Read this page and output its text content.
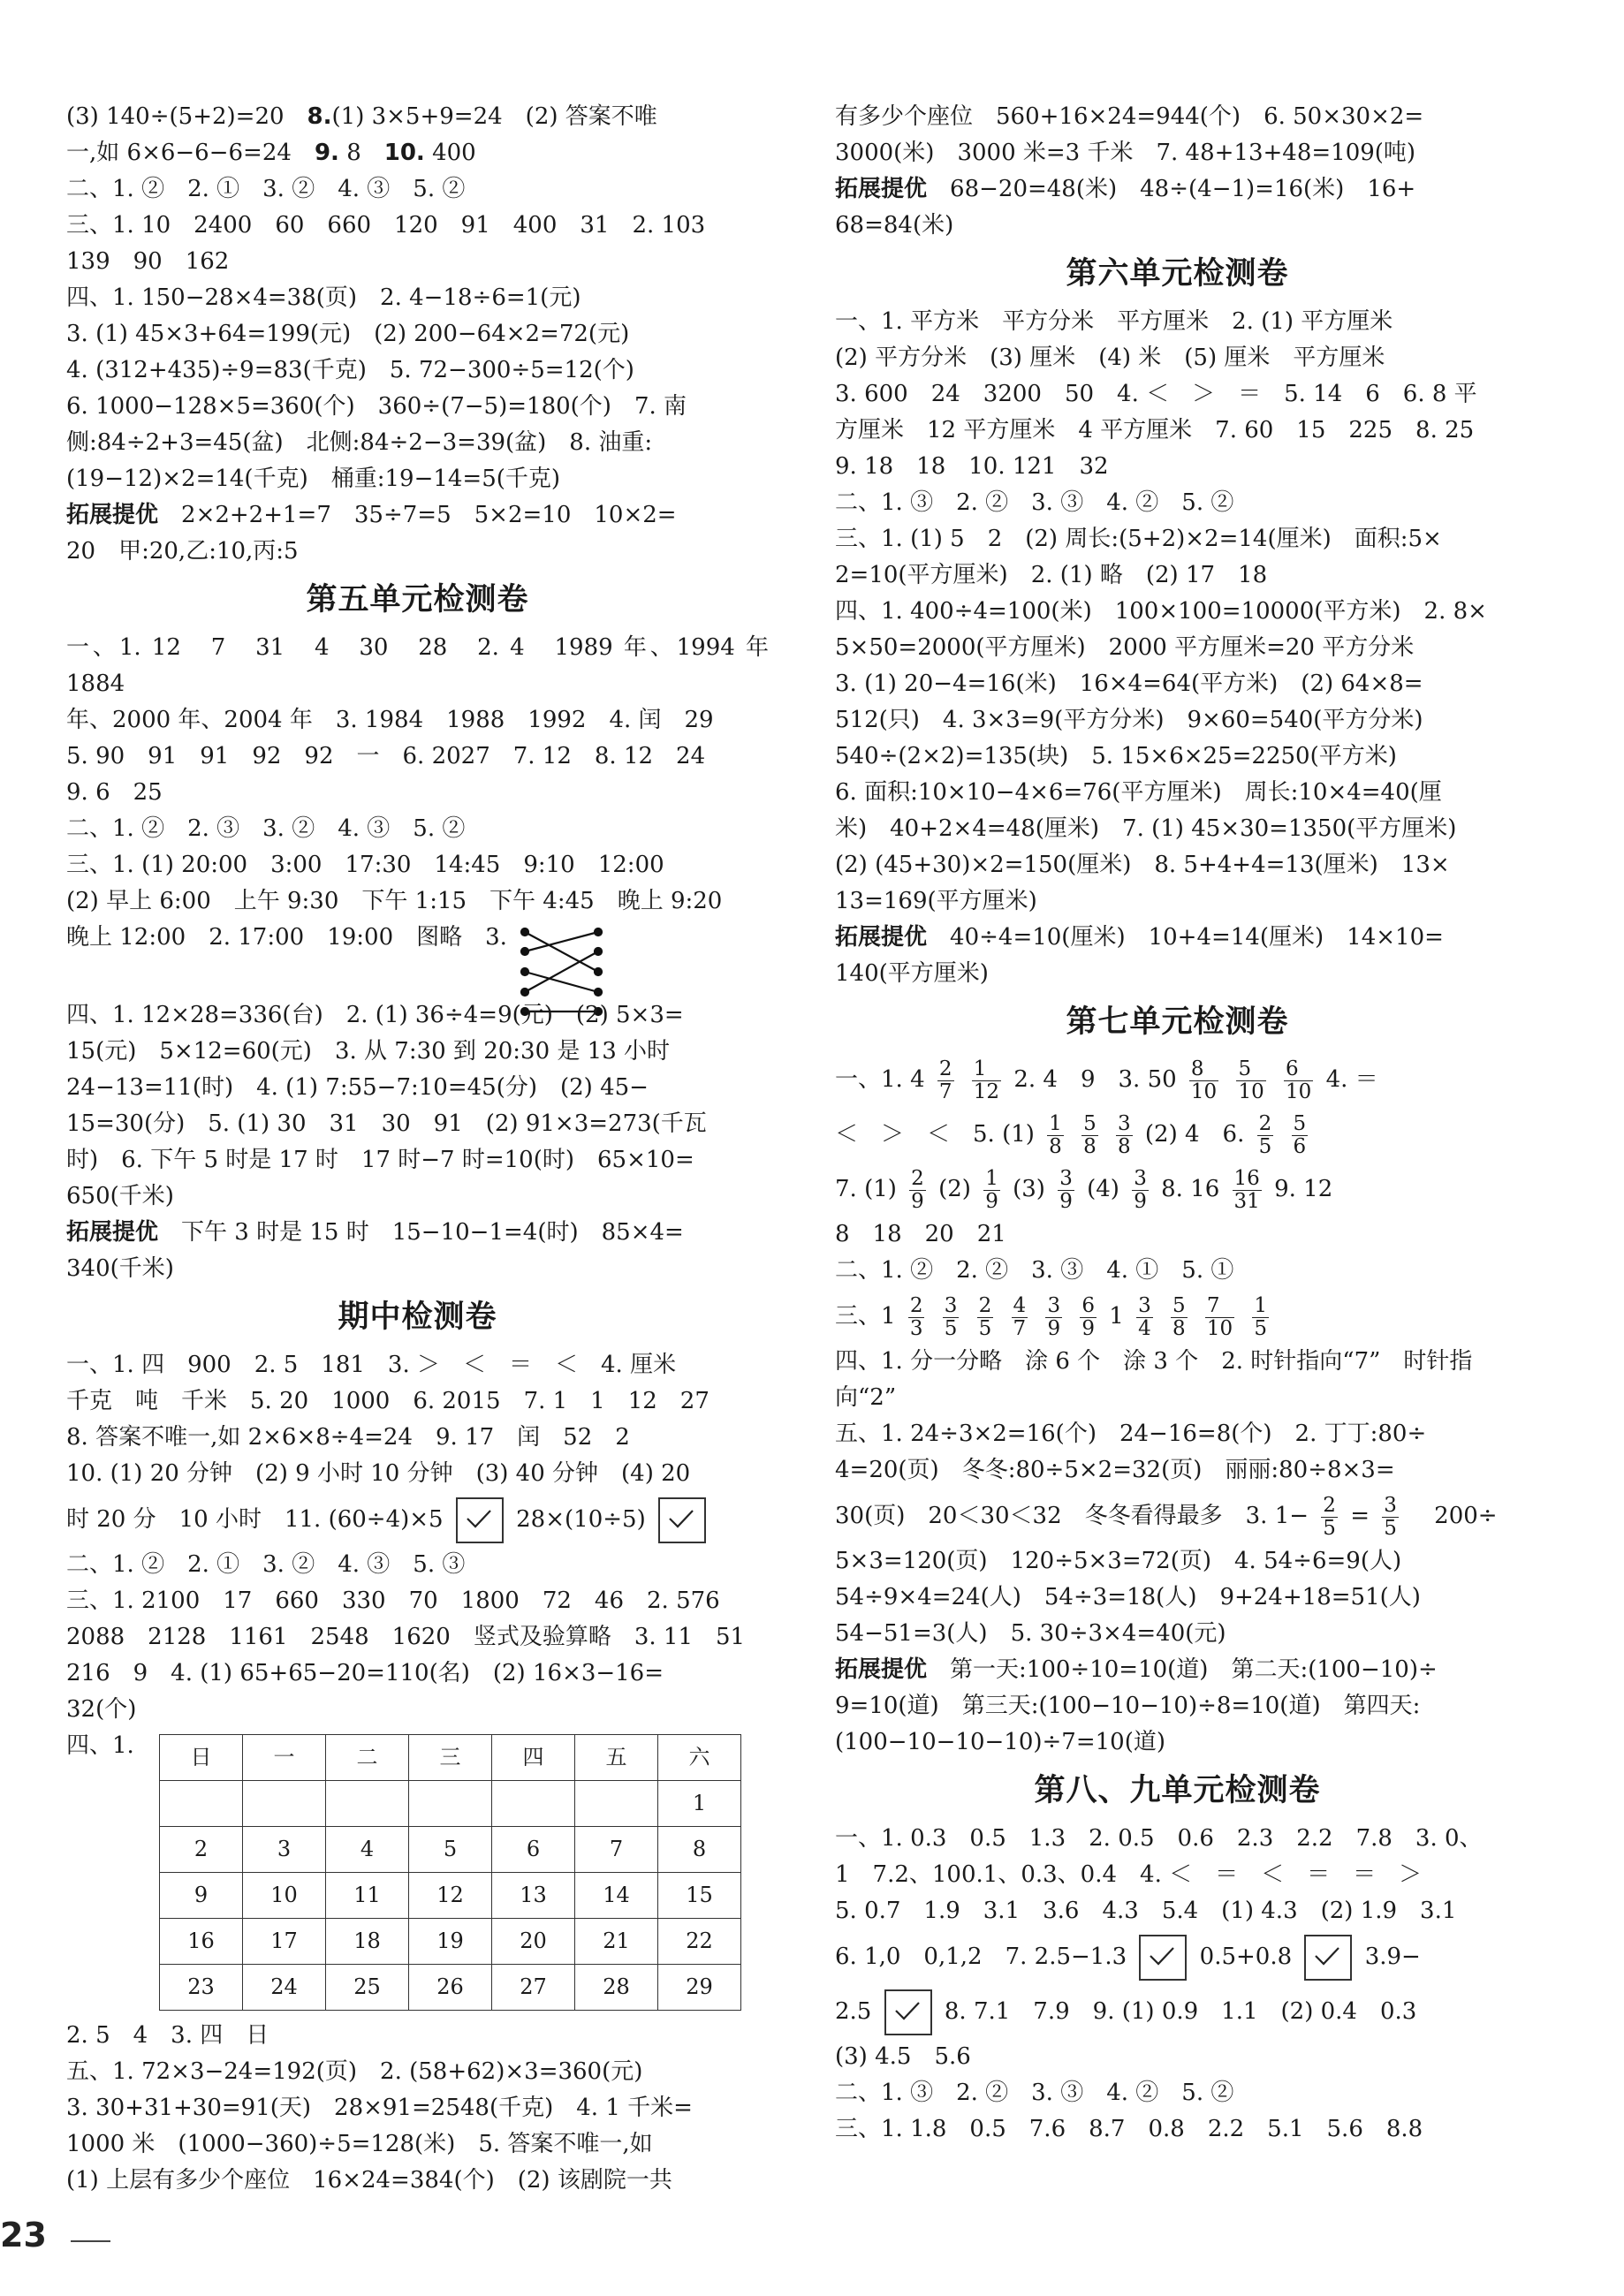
(3) 140÷(5+2)=20　 8.(1) 3×5+9=24　(2) 答案不唯

一,如 6×6−6−6=24　 9. 8　 10. 400

二、1. ②　2. ①　3. ②　4. ③　5. ②

三、1. 10　2400　60　660　120　91　400　31　2. 103

139　90　162

四、1. 150−28×4=38(页)　2. 4−18÷6=1(元)

3. (1) 45×3+64=199(元)　(2) 200−64×2=72(元)

4. (312+435)÷9=83(千克)　5. 72−300÷5=12(个)

6. 1000−128×5=360(个)　360÷(7−5)=180(个)　7. 南

侧:84÷2+3=45(盆)　北侧:84÷2−3=39(盆)　8. 油重:

(19−12)×2=14(千克)　桶重:19−14=5(千克)

拓展提优　 2×2+2+1=7　35÷7=5　5×2=10　10×2=

20　甲:20,乙:10,丙:5

第五单元检测卷

一、1. 12　7　31　4　30　28　2. 4　1989 年、1994 年　1884

年、2000 年、2004 年　3. 1984　1988　1992　4. 闰　29

5. 90　91　91　92　92　一　6. 2027　7. 12　8. 12　24

9. 6　25

二、1. ②　2. ③　3. ②　4. ③　5. ②

三、1. (1) 20:00　3:00　17:30　14:45　9:10　12:00

(2) 早上 6:00　上午 9:30　下午 1:15　下午 4:45　晚上 9:20

晚上 12:00　2. 17:00　19:00　图略　3.

四、1. 12×28=336(台)　2. (1) 36÷4=9(元)　(2) 5×3=

15(元)　5×12=60(元)　3. 从 7:30 到 20:30 是 13 小时

24−13=11(时)　4. (1) 7:55−7:10=45(分)　(2) 45−

15=30(分)　5. (1) 30　31　30　91　(2) 91×3=273(千瓦

时)　6. 下午 5 时是 17 时　17 时−7 时=10(时)　65×10=

650(千米)

拓展提优　 下午 3 时是 15 时　15−10−1=4(时)　85×4=

340(千米)

期中检测卷

一、1. 四　900　2. 5　181　3. ＞　＜　＝　＜　4. 厘米

千克　吨　千米　5. 20　1000　6. 2015　7. 1　1　12　27

8. 答案不唯一,如 2×6×8÷4=24　9. 17　闰　52　2

10. (1) 20 分钟　(2) 9 小时 10 分钟　(3) 40 分钟　(4) 20

时 20 分　10 小时　11. (60÷4)×5	28×(10÷5)

二、1. ②　2. ①　3. ②　4. ③　5. ③

三、1. 2100　17　660　330　70　1800　72　46　2. 576

2088　2128　1161　2548　1620　竖式及验算略　3. 11　51

216　9　4. (1) 65+65−20=110(名)　(2) 16×3−16=

32(个)

四、1.	日	一	二	三	四	五	六
						1
2	3	4	5	6	7	8
9	10	11	12	13	14	15
16	17	18	19	20	21	22
23	24	25	26	27	28	29

2. 5　4　3. 四　日

五、1. 72×3−24=192(页)　2. (58+62)×3=360(元)

3. 30+31+30=91(天)　28×91=2548(千克)　4. 1 千米=

1000 米　(1000−360)÷5=128(米)　5. 答案不唯一,如

(1) 上层有多少个座位　16×24=384(个)　(2) 该剧院一共

有多少个座位　560+16×24=944(个)　6. 50×30×2=

3000(米)　3000 米=3 千米　7. 48+13+48=109(吨)

拓展提优　 68−20=48(米)　48÷(4−1)=16(米)　16+

68=84(米)

第六单元检测卷

一、1. 平方米　平方分米　平方厘米　2. (1) 平方厘米

(2) 平方分米　(3) 厘米　(4) 米　(5) 厘米　平方厘米

3. 600　24　3200　50　4. ＜　＞　＝　5. 14　6　6. 8 平

方厘米　12 平方厘米　4 平方厘米　7. 60　15　225　8. 25

9. 18　18　10. 121　32

二、1. ③　2. ②　3. ③　4. ②　5. ②

三、1. (1) 5　2　(2) 周长:(5+2)×2=14(厘米)　面积:5×

2=10(平方厘米)　2. (1) 略　(2) 17　18

四、1. 400÷4=100(米)　100×100=10000(平方米)　2. 8×

5×50=2000(平方厘米)　2000 平方厘米=20 平方分米

3. (1) 20−4=16(米)　16×4=64(平方米)　(2) 64×8=

512(只)　4. 3×3=9(平方分米)　9×60=540(平方分米)

540÷(2×2)=135(块)　5. 15×6×25=2250(平方米)

6. 面积:10×10−4×6=76(平方厘米)　周长:10×4=40(厘

米)　40+2×4=48(厘米)　7. (1) 45×30=1350(平方厘米)

(2) (45+30)×2=150(厘米)　8. 5+4+4=13(厘米)　13×

13=169(平方厘米)

拓展提优　 40÷4=10(厘米)　10+4=14(厘米)　14×10=

140(平方厘米)

第七单元检测卷

一、1. $4 \frac{2}{7}$
$\frac{1}{12} 2$. 4　9　3. $50 \frac{8}{10}$
$\frac{5}{10}$
$\frac{6}{10} 4$. ＝

＜　＞　＜　5. $(1) \frac{1}{8}$
$\frac{5}{8}$
$\frac{3}{8} (2)$ 4　6. $\frac{2}{5}$
$\frac{5}{6}$

7. $(1) \frac{2}{9} (2) \frac{1}{9} (3) \frac{3}{9} (4) \frac{3}{9} 8$. $16 \frac{16}{31} 9$. 12

8　18　20　21

二、1. ②　2. ②　3. ③　4. ①　5. ①

三、$1 \frac{2}{3}$
$\frac{3}{5}$
$\frac{2}{5}$
$\frac{4}{7}$
$\frac{3}{9}$
$\frac{6}{9} 1 \frac{3}{4}$
$\frac{5}{8}$
$\frac{7}{10}$
$\frac{1}{5}$

四、1. 分一分略　涂 6 个　涂 3 个　2. 时针指向“7”　时针指

向“2”

五、1. 24÷3×2=16(个)　24−16=8(个)　2. 丁丁:80÷

4=20(页)　冬冬:80÷5×2=32(页)　丽丽:80÷8×3=

30(页)　20＜30＜32　冬冬看得最多　3. $1- \frac{2}{5} = \frac{3}{5}$
　 200÷

5×3=120(页)　120÷5×3=72(页)　4. 54÷6=9(人)

54÷9×4=24(人)　54÷3=18(人)　9+24+18=51(人)

54−51=3(人)　5. 30÷3×4=40(元)

拓展提优　 第一天:100÷10=10(道)　第二天:(100−10)÷

9=10(道)　第三天:(100−10−10)÷8=10(道)　第四天:

(100−10−10−10)÷7=10(道)

第八、九单元检测卷

一、1. 0.3　0.5　1.3　2. 0.5　0.6　2.3　2.2　7.8　3. 0、

1　7.2、100.1、0.3、0.4　4. ＜　＝　＜　＝　＝　＞

5. 0.7　1.9　3.1　3.6　4.3　5.4　(1) 4.3　(2) 1.9　3.1

6. 1,0　0,1,2　7. 2.5−1.3	0.5+0.8	3.9−

2.5	8. 7.1　7.9　9. (1) 0.9　1.1　(2) 0.4　0.3

(3) 4.5　5.6

二、1. ③　2. ②　3. ③　4. ②　5. ②

三、1. 1.8　0.5　7.6　8.7　0.8　2.2　5.1　5.6　8.8

23
